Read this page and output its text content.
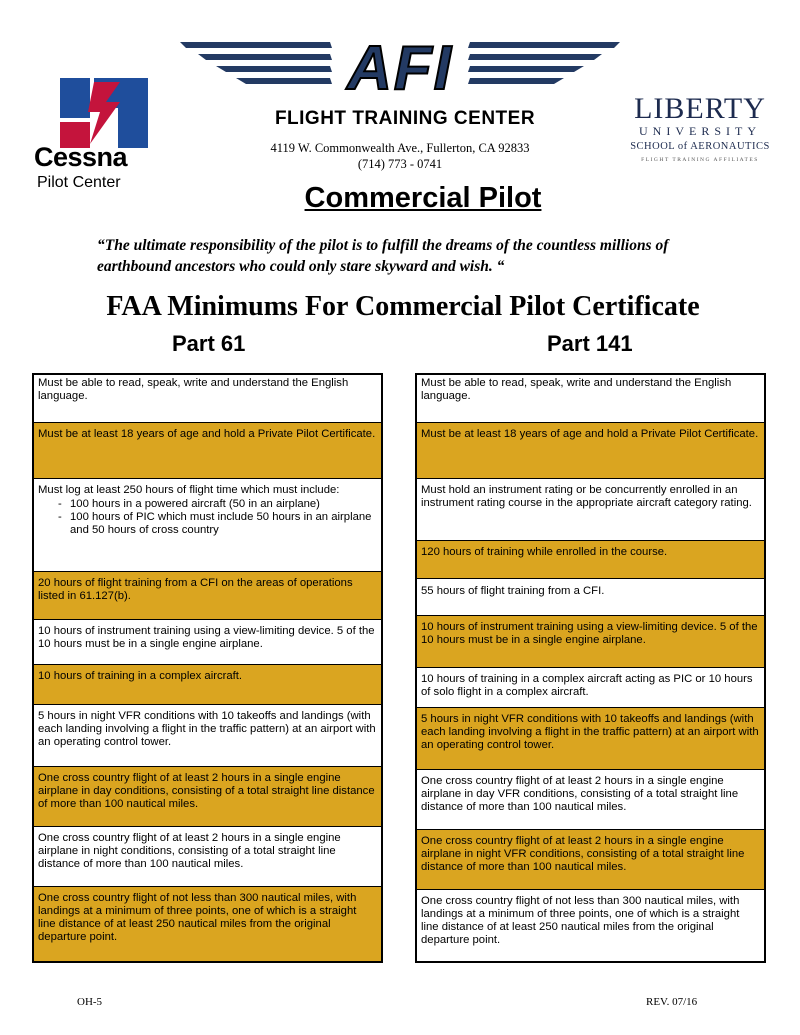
Cessna
Pilot Center
AFI
FLIGHT TRAINING CENTER
4119 W. Commonwealth Ave., Fullerton, CA 92833
(714) 773 - 0741
LIBERTY
UNIVERSITY
SCHOOL of AERONAUTICS
FLIGHT TRAINING AFFILIATES
Commercial Pilot
“The ultimate responsibility of the pilot is to fulfill the dreams of the countless millions of earthbound ancestors who could only stare skyward and wish. “
FAA Minimums For Commercial Pilot Certificate
Part 61	Part 141
Must be able to read, speak, write and understand the English language.
Must be at least 18 years of age and hold a Private Pilot Certificate.
Must log at least 250 hours of flight time which must include:
- 100 hours in a powered aircraft (50 in an airplane)
- 100 hours of PIC which must include 50 hours in an airplane and 50 hours of cross country
20 hours of flight training from a CFI on the areas of operations listed in 61.127(b).
10 hours of instrument training using a view-limiting device. 5 of the 10 hours must be in a single engine airplane.
10 hours of training in a complex aircraft.
5 hours in night VFR conditions with 10 takeoffs and landings (with each landing involving a flight in the traffic pattern) at an airport with an operating control tower.
One cross country flight of at least 2 hours in a single engine airplane in day conditions, consisting of a total straight line distance of more than 100 nautical miles.
One cross country flight of at least 2 hours in a single engine airplane in night conditions, consisting of a total straight line distance of more than 100 nautical miles.
One cross country flight of not less than 300 nautical miles, with landings at a minimum of three points, one of which is a straight line distance of at least 250 nautical miles from the original departure point.
Must be able to read, speak, write and understand the English language.
Must be at least 18 years of age and hold a Private Pilot Certificate.
Must hold an instrument rating or be concurrently enrolled in an instrument rating course in the appropriate aircraft category rating.
120 hours of training while enrolled in the course.
55 hours of flight training from a CFI.
10 hours of instrument training using a view-limiting device. 5 of the 10 hours must be in a single engine airplane.
10 hours of training in a complex aircraft acting as PIC or 10 hours of solo flight in a complex aircraft.
5 hours in night VFR conditions with 10 takeoffs and landings (with each landing involving a flight in the traffic pattern) at an airport with an operating control tower.
One cross country flight of at least 2 hours in a single engine airplane in day VFR conditions, consisting of a total straight line distance of more than 100 nautical miles.
One cross country flight of at least 2 hours in a single engine airplane in night VFR conditions, consisting of a total straight line distance of more than 100 nautical miles.
One cross country flight of not less than 300 nautical miles, with landings at a minimum of three points, one of which is a straight line distance of at least 250 nautical miles from the original departure point.
OH-5	REV. 07/16
